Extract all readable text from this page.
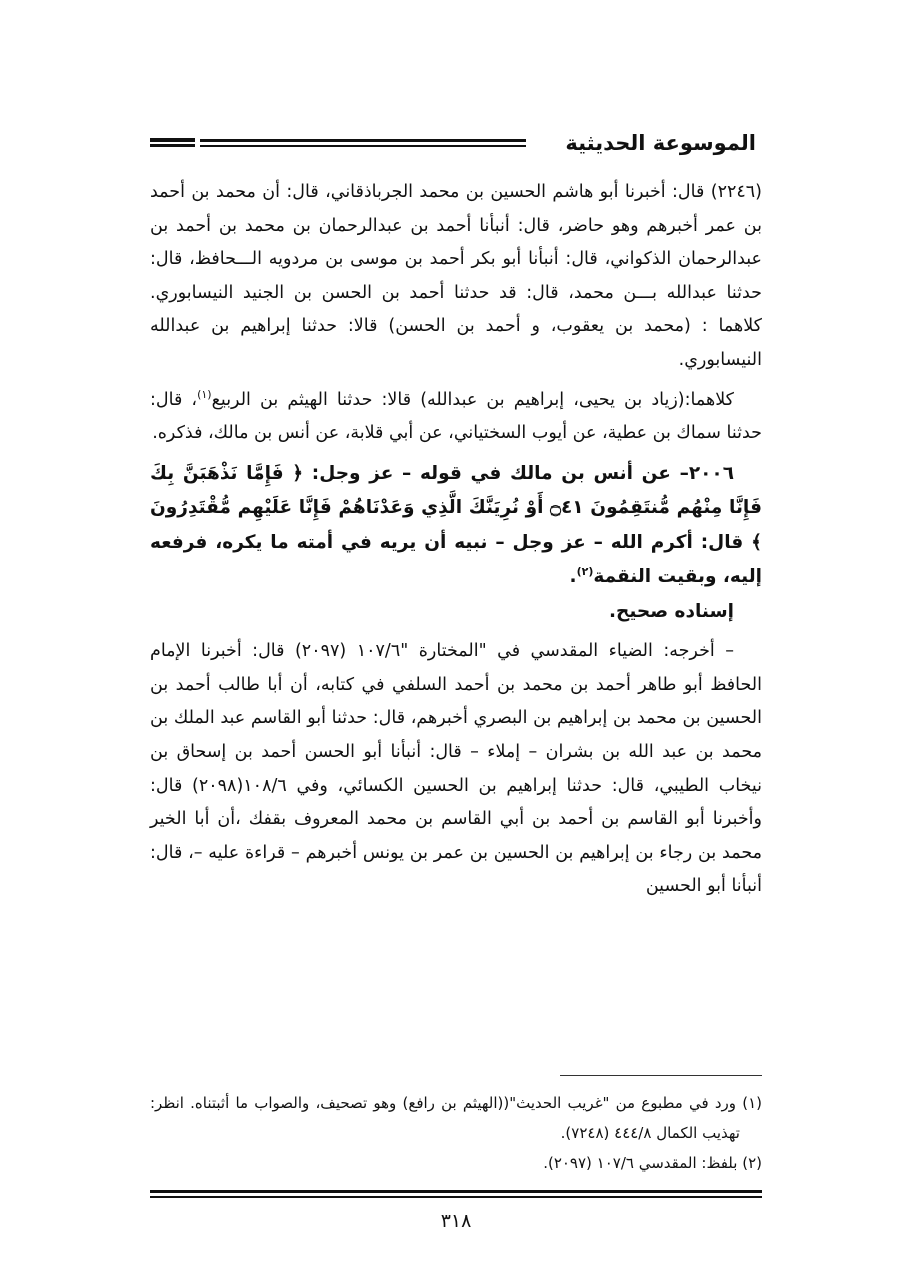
الموسوعة الحديثية

(٢٢٤٦) قال: أخبرنا أبو هاشم الحسين بن محمد الجرباذقاني، قال: أن محمد بن أحمد بن عمر أخبرهم وهو حاضر، قال: أنبأنا أحمد بن عبدالرحمان بن محمد بن أحمد بن عبدالرحمان الذكواني، قال: أنبأنا أبو بكر أحمد بن موسى بن مردويه الـــحافظ، قال: حدثنا عبدالله بـــن محمد، قال: قد حدثنا أحمد بن الحسن بن الجنيد النيسابوري. كلاهما : (محمد بن يعقوب، و أحمد بن الحسن) قالا: حدثنا إبراهيم بن عبدالله النيسابوري.

كلاهما:(زياد بن يحيى، إبراهيم بن عبدالله) قالا: حدثنا الهيثم بن الربيع$^{(١)}$، قال: حدثنا سماك بن عطية، عن أيوب السختياني، عن أبي قلابة، عن أنس بن مالك، فذكره.

٢٠٠٦– عن أنس بن مالك في قوله – عز وجل: ﴿ فَإِمَّا نَذْهَبَنَّ بِكَ فَإِنَّا مِنْهُم مُّنتَقِمُونَ ۝٤١ أَوْ نُرِيَنَّكَ الَّذِي وَعَدْنَاهُمْ فَإِنَّا عَلَيْهِم مُّقْتَدِرُونَ ﴾ قال: أكرم الله – عز وجل – نبيه أن يريه في أمته ما يكره، فرفعه إليه، وبقيت النقمة$^{(٢)}$.

إسناده صحيح.

– أخرجه: الضياء المقدسي في "المختارة "١٠٧/٦ (٢٠٩٧) قال: أخبرنا الإمام الحافظ أبو طاهر أحمد بن محمد بن أحمد السلفي في كتابه، أن أبا طالب أحمد بن الحسين بن محمد بن إبراهيم بن البصري أخبرهم، قال: حدثنا أبو القاسم عبد الملك بن محمد بن عبد الله بن بشران – إملاء – قال: أنبأنا أبو الحسن أحمد بن إسحاق بن نيخاب الطيبي، قال: حدثنا إبراهيم بن الحسين الكسائي، وفي ١٠٨/٦(٢٠٩٨) قال: وأخبرنا أبو القاسم بن أحمد بن أبي القاسم بن محمد المعروف بقفك ،أن أبا الخير محمد بن رجاء بن إبراهيم بن الحسين بن عمر بن يونس أخبرهم – قراءة عليه –، قال: أنبأنا أبو الحسين

(١) ورد في مطبوع من "غريب الحديث"((الهيثم بن رافع) وهو تصحيف، والصواب ما أثبتناه. انظر: تهذيب الكمال ٤٤٤/٨ (٧٢٤٨).

(٢) بلفظ: المقدسي ١٠٧/٦ (٢٠٩٧).

٣١٨
